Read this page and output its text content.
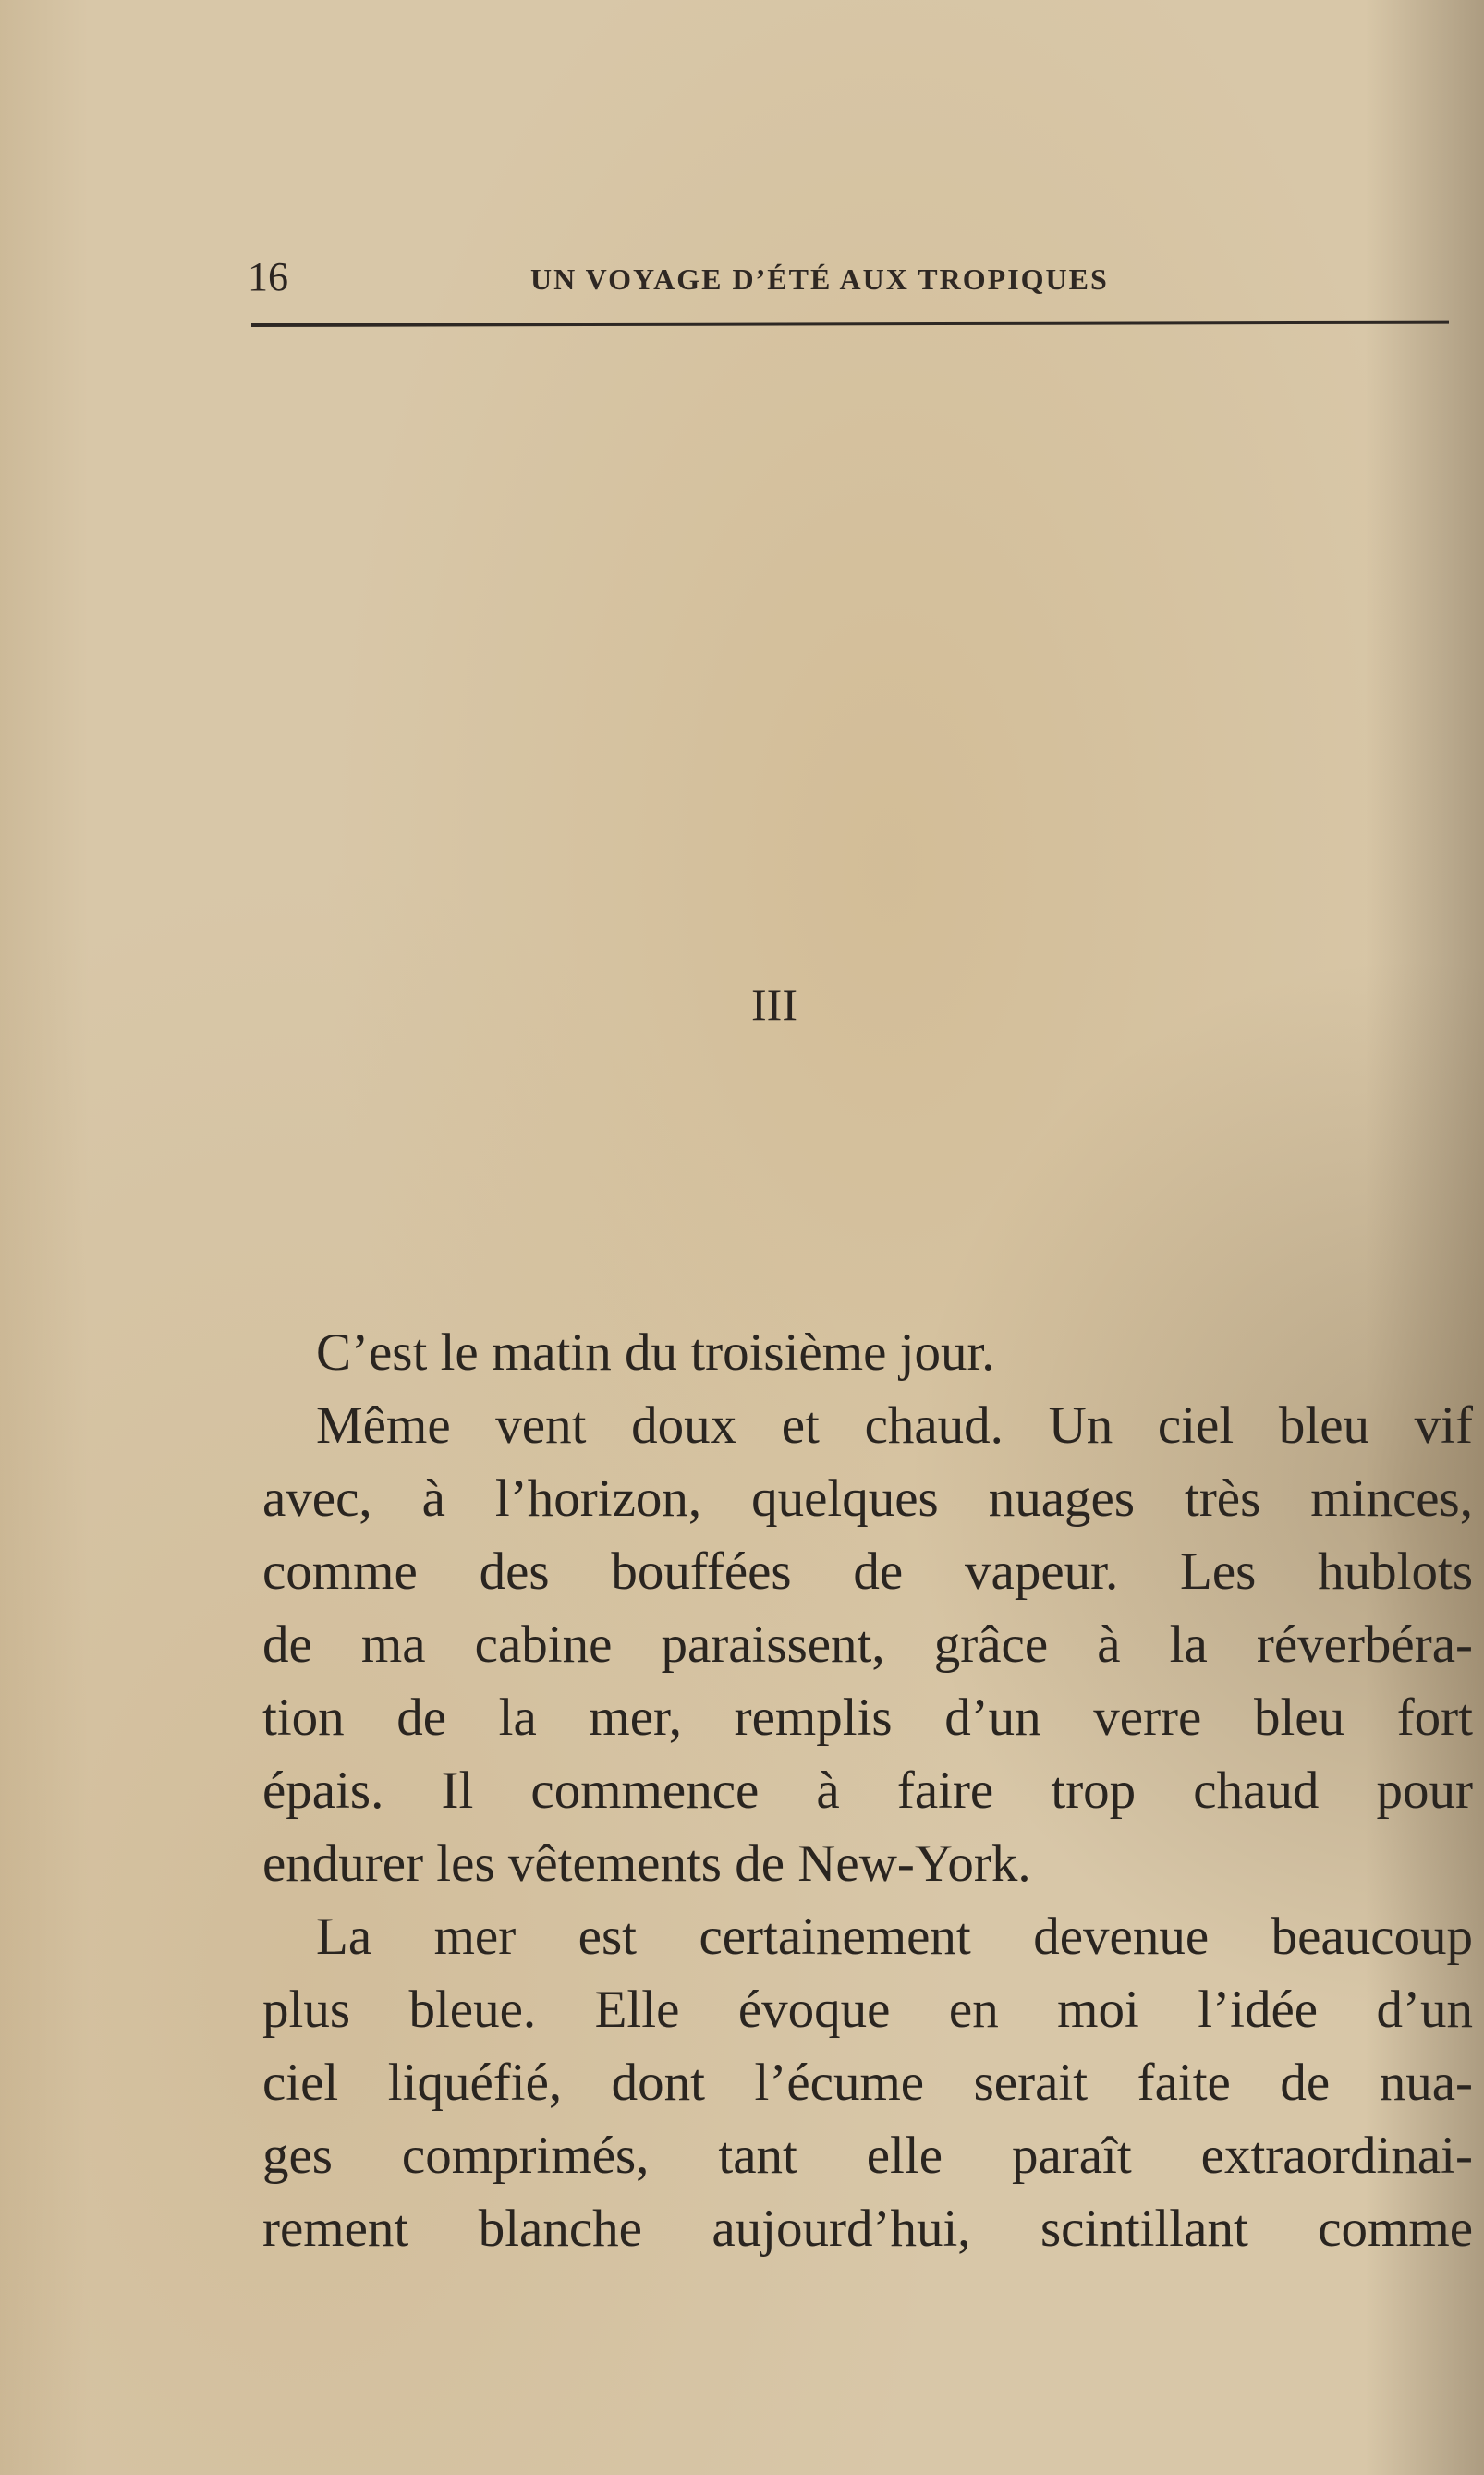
16	UN VOYAGE D’ÉTÉ AUX TROPIQUES
III
C’est le matin du troisième jour.
Même vent doux et chaud. Un ciel bleu vif
avec, à l’horizon, quelques nuages très minces,
comme des bouffées de vapeur. Les hublots
de ma cabine paraissent, grâce à la réverbéra-
tion de la mer, remplis d’un verre bleu fort
épais. Il commence à faire trop chaud pour
endurer les vêtements de New-York.
La mer est certainement devenue beaucoup
plus bleue. Elle évoque en moi l’idée d’un
ciel liquéfié, dont l’écume serait faite de nua-
ges comprimés, tant elle paraît extraordinai-
rement blanche aujourd’hui, scintillant comme
